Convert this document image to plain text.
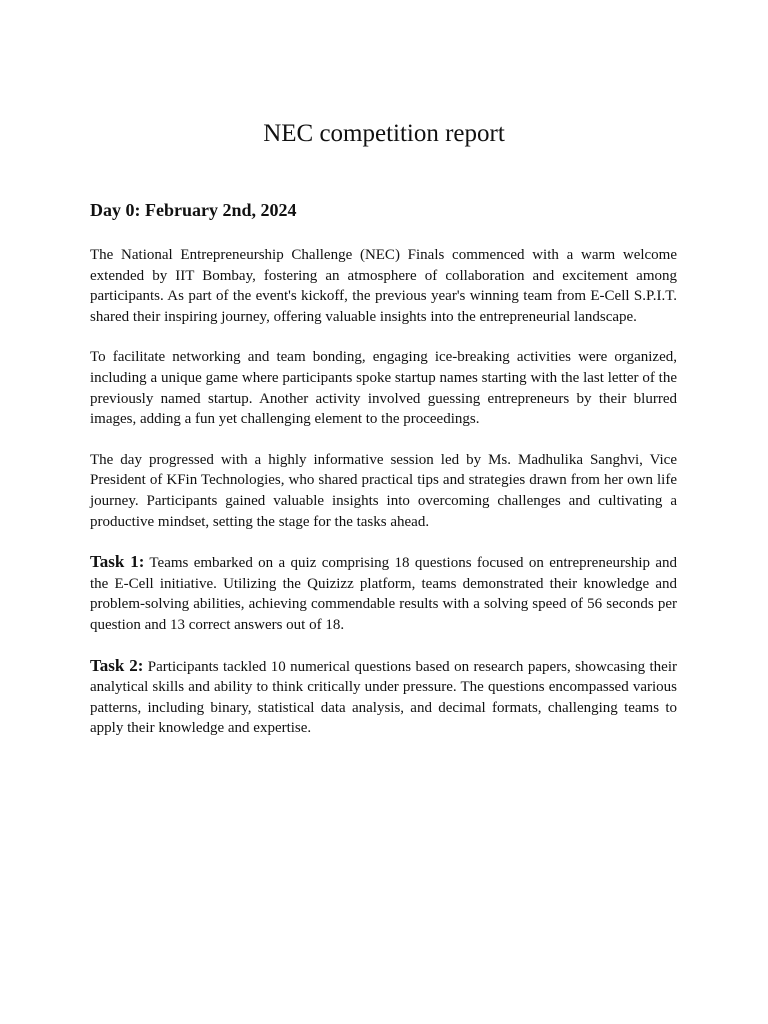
NEC competition report
Day 0: February 2nd, 2024

The National Entrepreneurship Challenge (NEC) Finals commenced with a warm welcome extended by IIT Bombay, fostering an atmosphere of collaboration and excitement among participants. As part of the event's kickoff, the previous year's winning team from E-Cell S.P.I.T. shared their inspiring journey, offering valuable insights into the entrepreneurial landscape.

To facilitate networking and team bonding, engaging ice-breaking activities were organized, including a unique game where participants spoke startup names starting with the last letter of the previously named startup. Another activity involved guessing entrepreneurs by their blurred images, adding a fun yet challenging element to the proceedings.

The day progressed with a highly informative session led by Ms. Madhulika Sanghvi, Vice President of KFin Technologies, who shared practical tips and strategies drawn from her own life journey. Participants gained valuable insights into overcoming challenges and cultivating a productive mindset, setting the stage for the tasks ahead.

Task 1: Teams embarked on a quiz comprising 18 questions focused on entrepreneurship and the E-Cell initiative. Utilizing the Quizizz platform, teams demonstrated their knowledge and problem-solving abilities, achieving commendable results with a solving speed of 56 seconds per question and 13 correct answers out of 18.

Task 2: Participants tackled 10 numerical questions based on research papers, showcasing their analytical skills and ability to think critically under pressure. The questions encompassed various patterns, including binary, statistical data analysis, and decimal formats, challenging teams to apply their knowledge and expertise.
